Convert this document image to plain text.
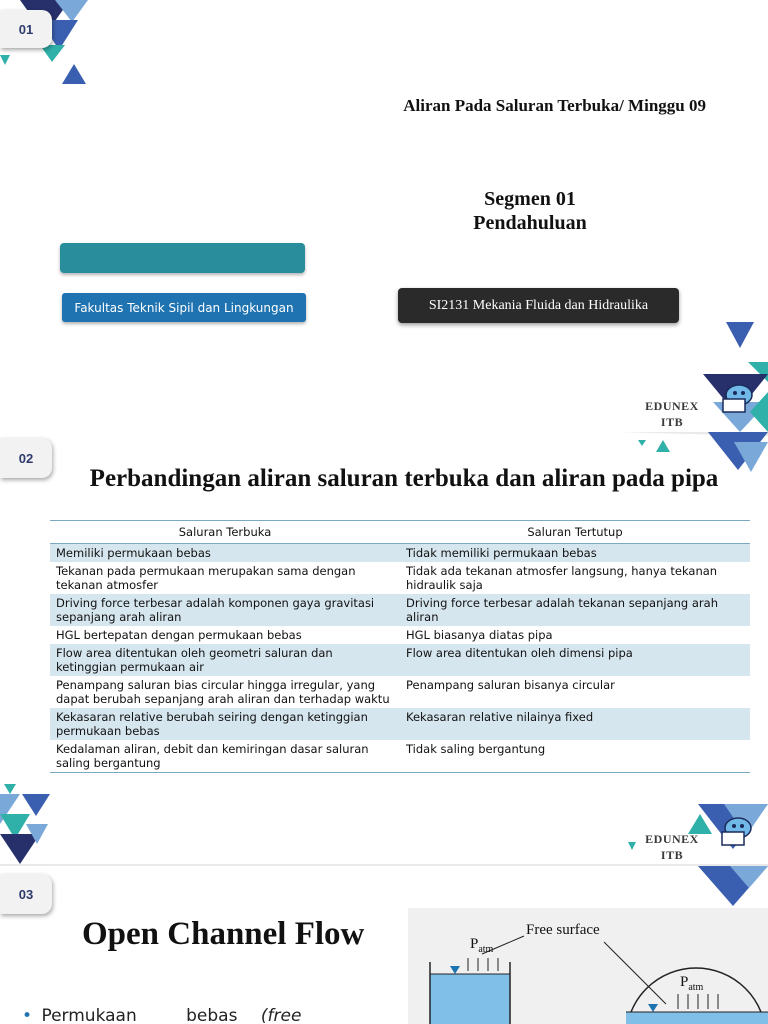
01
Aliran Pada Saluran Terbuka/ Minggu 09
Segmen 01
Pendahuluan
Fakultas Teknik Sipil dan Lingkungan	SI2131 Mekania Fluida dan Hidraulika
EDUNEX
ITB
02
Perbandingan aliran saluran terbuka dan aliran pada pipa
Saluran Terbuka	Saluran Tertutup
Memiliki permukaan bebas	Tidak memiliki permukaan bebas
Tekanan pada permukaan merupakan sama dengan tekanan atmosfer	Tidak ada tekanan atmosfer langsung, hanya tekanan hidraulik saja
Driving force terbesar adalah komponen gaya gravitasi sepanjang arah aliran	Driving force terbesar adalah tekanan sepanjang arah aliran
HGL bertepatan dengan permukaan bebas	HGL biasanya diatas pipa
Flow area ditentukan oleh geometri saluran dan ketinggian permukaan air	Flow area ditentukan oleh dimensi pipa
Penampang saluran bias circular hingga irregular, yang dapat berubah sepanjang arah aliran dan terhadap waktu	Penampang saluran bisanya circular
Kekasaran relative berubah seiring dengan ketinggian permukaan bebas	Kekasaran relative nilainya fixed
Kedalaman aliran, debit dan kemiringan dasar saluran saling bergantung	Tidak saling bergantung
EDUNEX
ITB
03
Open Channel Flow
• Permukaan	bebas (free
Free surface
$P_{atm}$
$P_{atm}$
